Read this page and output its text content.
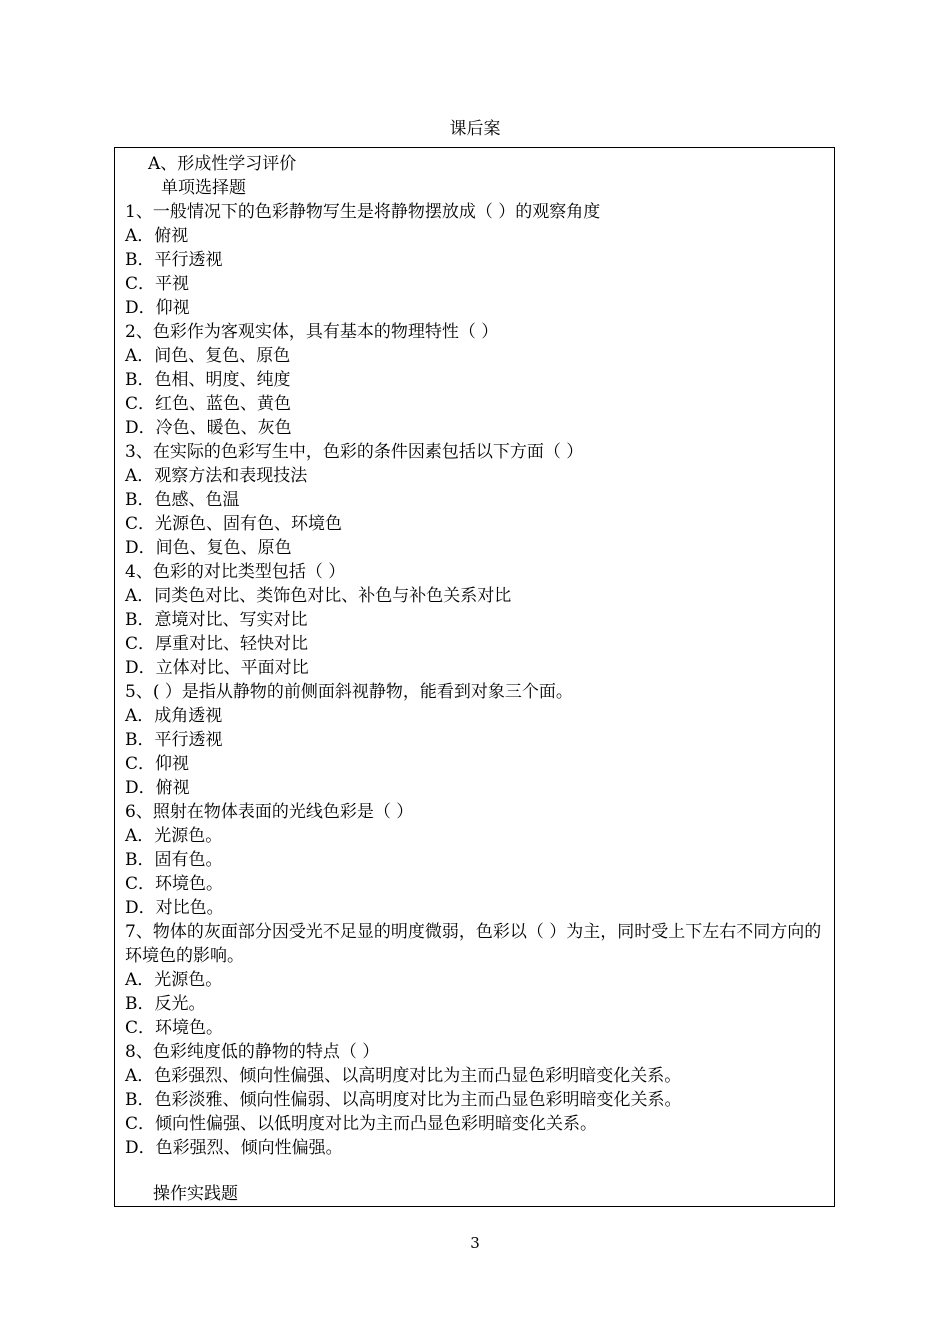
课后案
A、形成性学习评价
单项选择题
1、一般情况下的色彩静物写生是将静物摆放成（ ）的观察角度
A．俯视
B．平行透视
C．平视
D．仰视
2、色彩作为客观实体，具有基本的物理特性（ ）
A．间色、复色、原色
B．色相、明度、纯度
C．红色、蓝色、黄色
D．冷色、暖色、灰色
3、在实际的色彩写生中，色彩的条件因素包括以下方面（ ）
A．观察方法和表现技法
B．色感、色温
C．光源色、固有色、环境色
D．间色、复色、原色
4、色彩的对比类型包括（ ）
A．同类色对比、类饰色对比、补色与补色关系对比
B．意境对比、写实对比
C．厚重对比、轻快对比
D．立体对比、平面对比
5、( ）是指从静物的前侧面斜视静物，能看到对象三个面。
A．成角透视
B．平行透视
C．仰视
D．俯视
6、照射在物体表面的光线色彩是（ ）
A．光源色。
B．固有色。
C．环境色。
D．对比色。
7、物体的灰面部分因受光不足显的明度微弱，色彩以（ ）为主，同时受上下左右不同方向的环境色的影响。
A．光源色。
B．反光。
C．环境色。
8、色彩纯度低的静物的特点（ ）
A．色彩强烈、倾向性偏强、以高明度对比为主而凸显色彩明暗变化关系。
B．色彩淡雅、倾向性偏弱、以高明度对比为主而凸显色彩明暗变化关系。
C．倾向性偏强、以低明度对比为主而凸显色彩明暗变化关系。
D．色彩强烈、倾向性偏强。
操作实践题
3
